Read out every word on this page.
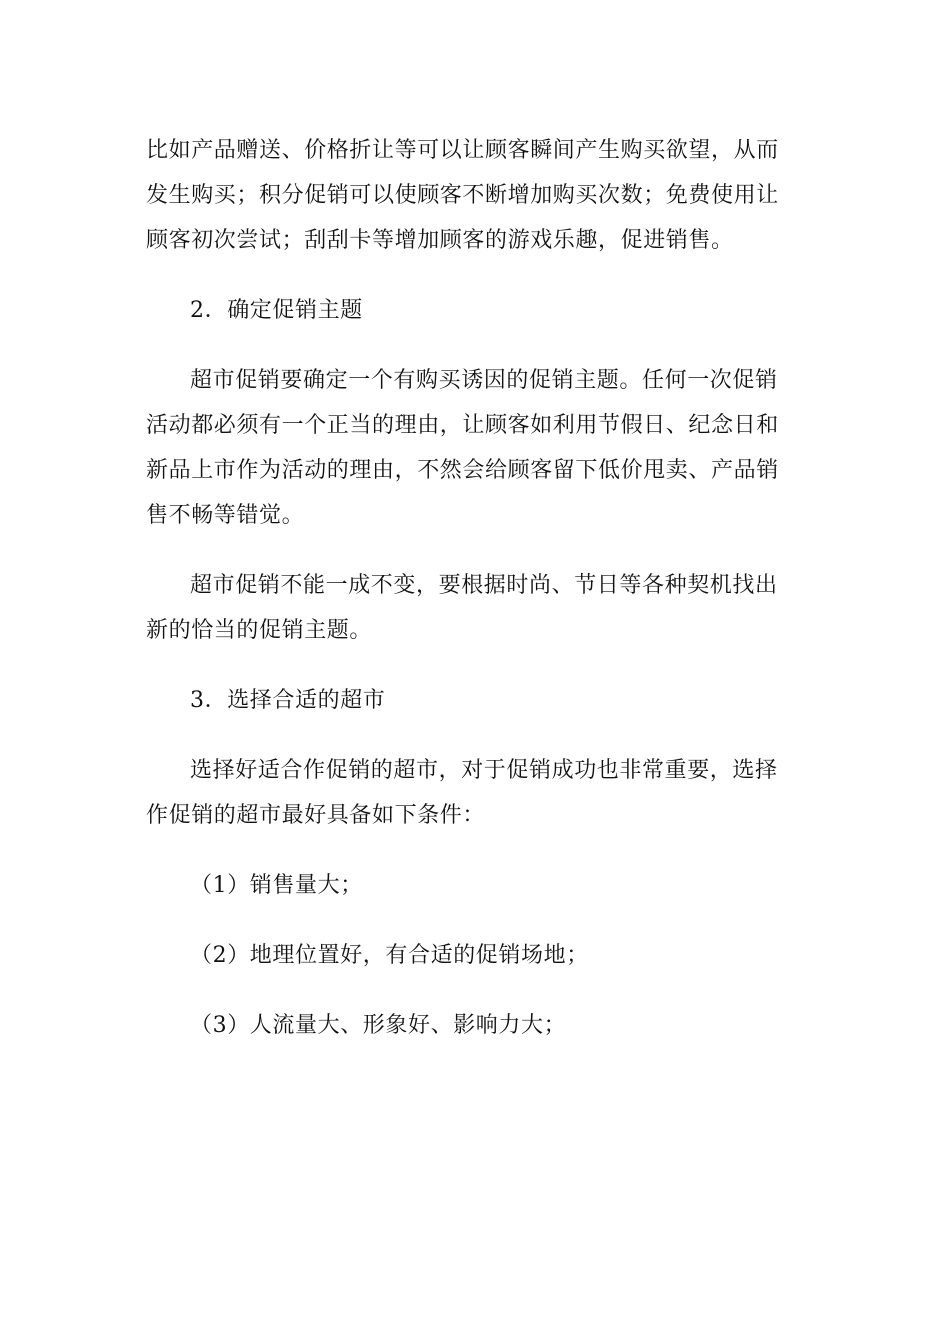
比如产品赠送、价格折让等可以让顾客瞬间产生购买欲望，从而发生购买；积分促销可以使顾客不断增加购买次数；免费使用让顾客初次尝试；刮刮卡等增加顾客的游戏乐趣，促进销售。

2．确定促销主题

超市促销要确定一个有购买诱因的促销主题。任何一次促销活动都必须有一个正当的理由，让顾客如利用节假日、纪念日和新品上市作为活动的理由，不然会给顾客留下低价甩卖、产品销售不畅等错觉。

超市促销不能一成不变，要根据时尚、节日等各种契机找出新的恰当的促销主题。

3．选择合适的超市

选择好适合作促销的超市，对于促销成功也非常重要，选择作促销的超市最好具备如下条件：

（1）销售量大；

（2）地理位置好，有合适的促销场地；

（3）人流量大、形象好、影响力大；
